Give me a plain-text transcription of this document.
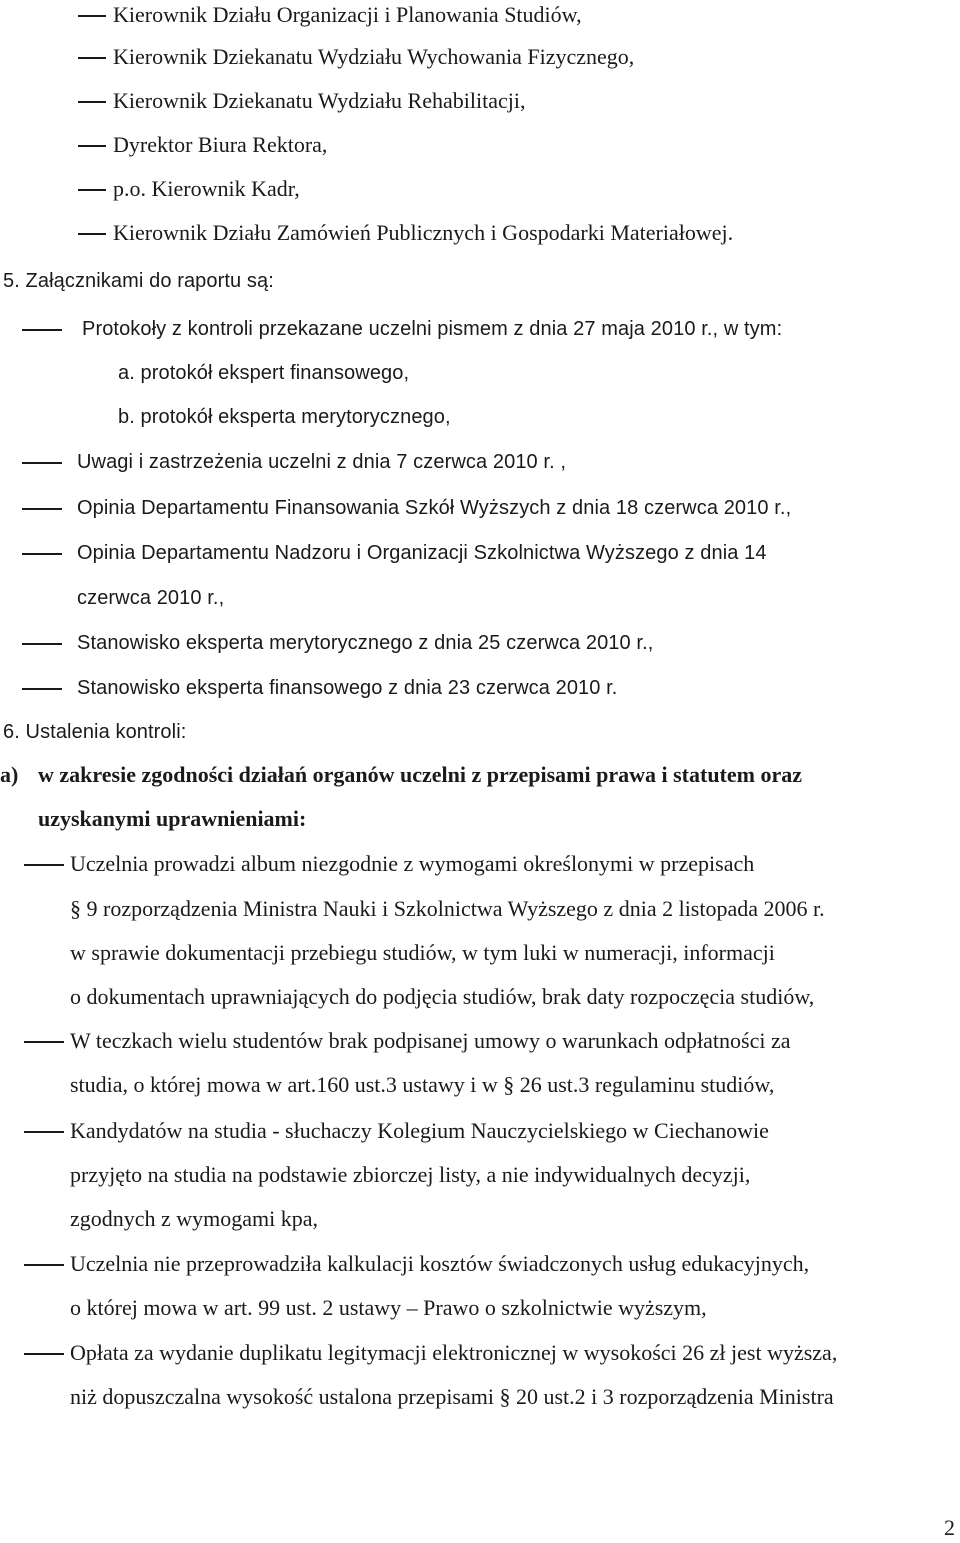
Kierownik Działu Organizacji i Planowania Studiów,
Kierownik Dziekanatu Wydziału Wychowania Fizycznego,
Kierownik Dziekanatu Wydziału Rehabilitacji,
Dyrektor Biura Rektora,
p.o. Kierownik Kadr,
Kierownik Działu Zamówień Publicznych i Gospodarki Materiałowej.
5. Załącznikami do raportu są:
Protokoły z kontroli przekazane uczelni pismem z dnia 27 maja 2010 r., w tym:
a. protokół ekspert finansowego,
b. protokół eksperta merytorycznego,
Uwagi i zastrzeżenia uczelni z dnia 7 czerwca 2010 r. ,
Opinia Departamentu Finansowania Szkół Wyższych z dnia 18 czerwca 2010 r.,
Opinia Departamentu Nadzoru i Organizacji Szkolnictwa Wyższego z dnia 14
czerwca 2010 r.,
Stanowisko eksperta merytorycznego z dnia 25 czerwca 2010 r.,
Stanowisko eksperta finansowego z dnia 23 czerwca 2010 r.
6. Ustalenia kontroli:
a) w zakresie zgodności działań organów uczelni z przepisami prawa i statutem oraz
uzyskanymi uprawnieniami:
Uczelnia prowadzi album niezgodnie z wymogami określonymi w przepisach
§ 9 rozporządzenia Ministra Nauki i Szkolnictwa Wyższego z dnia 2 listopada 2006 r.
w sprawie dokumentacji przebiegu studiów, w tym luki w numeracji, informacji
o dokumentach uprawniających do podjęcia studiów, brak daty rozpoczęcia studiów,
W teczkach wielu studentów brak podpisanej umowy o warunkach odpłatności za
studia, o której mowa w art.160 ust.3 ustawy i w § 26 ust.3 regulaminu studiów,
Kandydatów na studia - słuchaczy Kolegium Nauczycielskiego w Ciechanowie
przyjęto na studia na podstawie zbiorczej listy, a nie indywidualnych decyzji,
zgodnych z wymogami kpa,
Uczelnia nie przeprowadziła kalkulacji kosztów świadczonych usług edukacyjnych,
o której mowa w art. 99 ust. 2 ustawy – Prawo o szkolnictwie wyższym,
Opłata za wydanie duplikatu legitymacji elektronicznej w wysokości 26 zł jest wyższa,
niż dopuszczalna wysokość ustalona przepisami § 20 ust.2 i 3 rozporządzenia Ministra
2
